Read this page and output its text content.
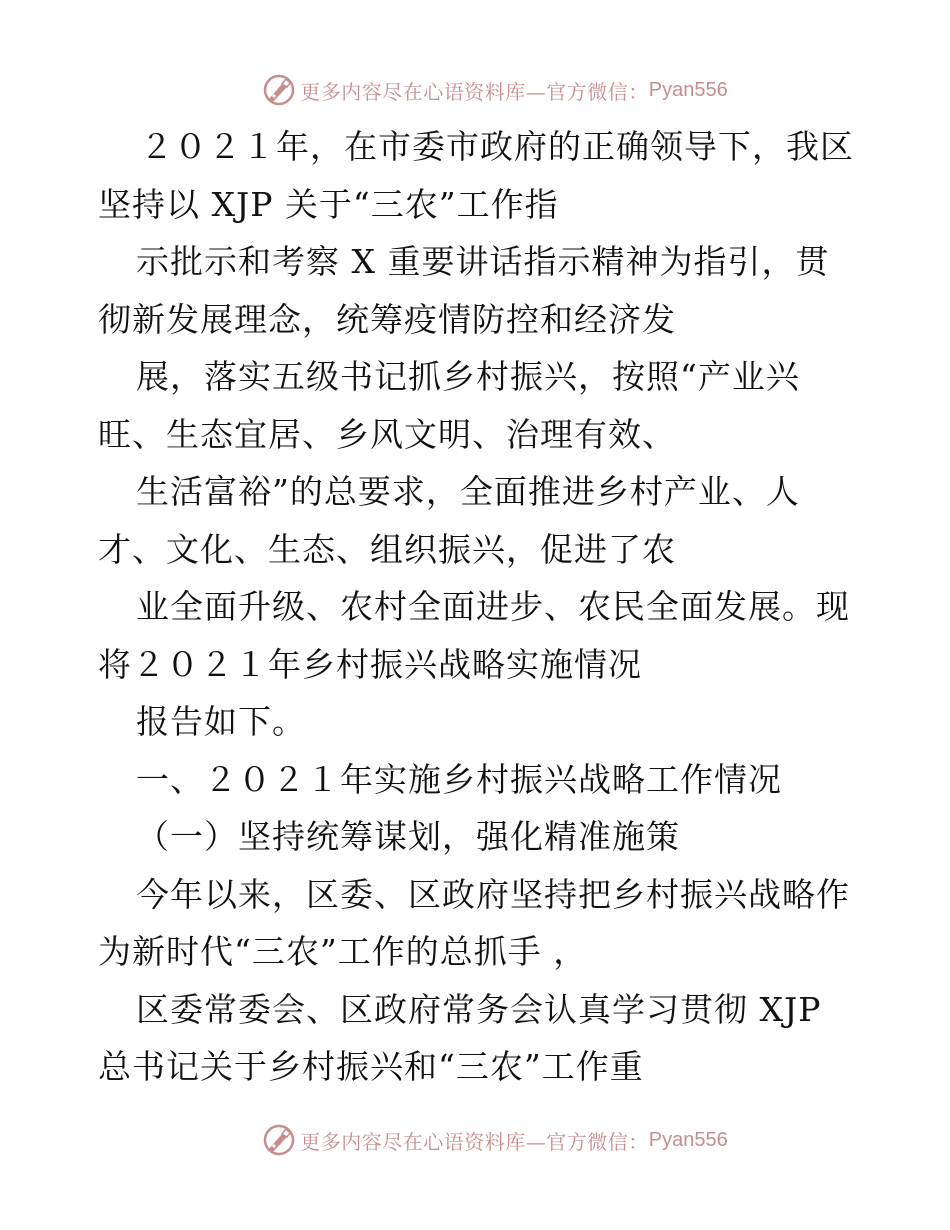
更多内容尽在心语资料库—官方微信： Pyan556
２０２１年，在市委市政府的正确领导下，我区
坚持以 XJP 关于“三农”工作指
示批示和考察 X 重要讲话指示精神为指引，贯
彻新发展理念，统筹疫情防控和经济发
展，落实五级书记抓乡村振兴，按照“产业兴
旺、生态宜居、乡风文明、治理有效、
生活富裕”的总要求，全面推进乡村产业、人
才、文化、生态、组织振兴，促进了农
业全面升级、农村全面进步、农民全面发展。现
将２０２１年乡村振兴战略实施情况
报告如下。
一、２０２１年实施乡村振兴战略工作情况
（一）坚持统筹谋划，强化精准施策
今年以来，区委、区政府坚持把乡村振兴战略作
为新时代“三农”工作的总抓手 ，
区委常委会、区政府常务会认真学习贯彻 XJP
总书记关于乡村振兴和“三农”工作重
更多内容尽在心语资料库—官方微信： Pyan556
